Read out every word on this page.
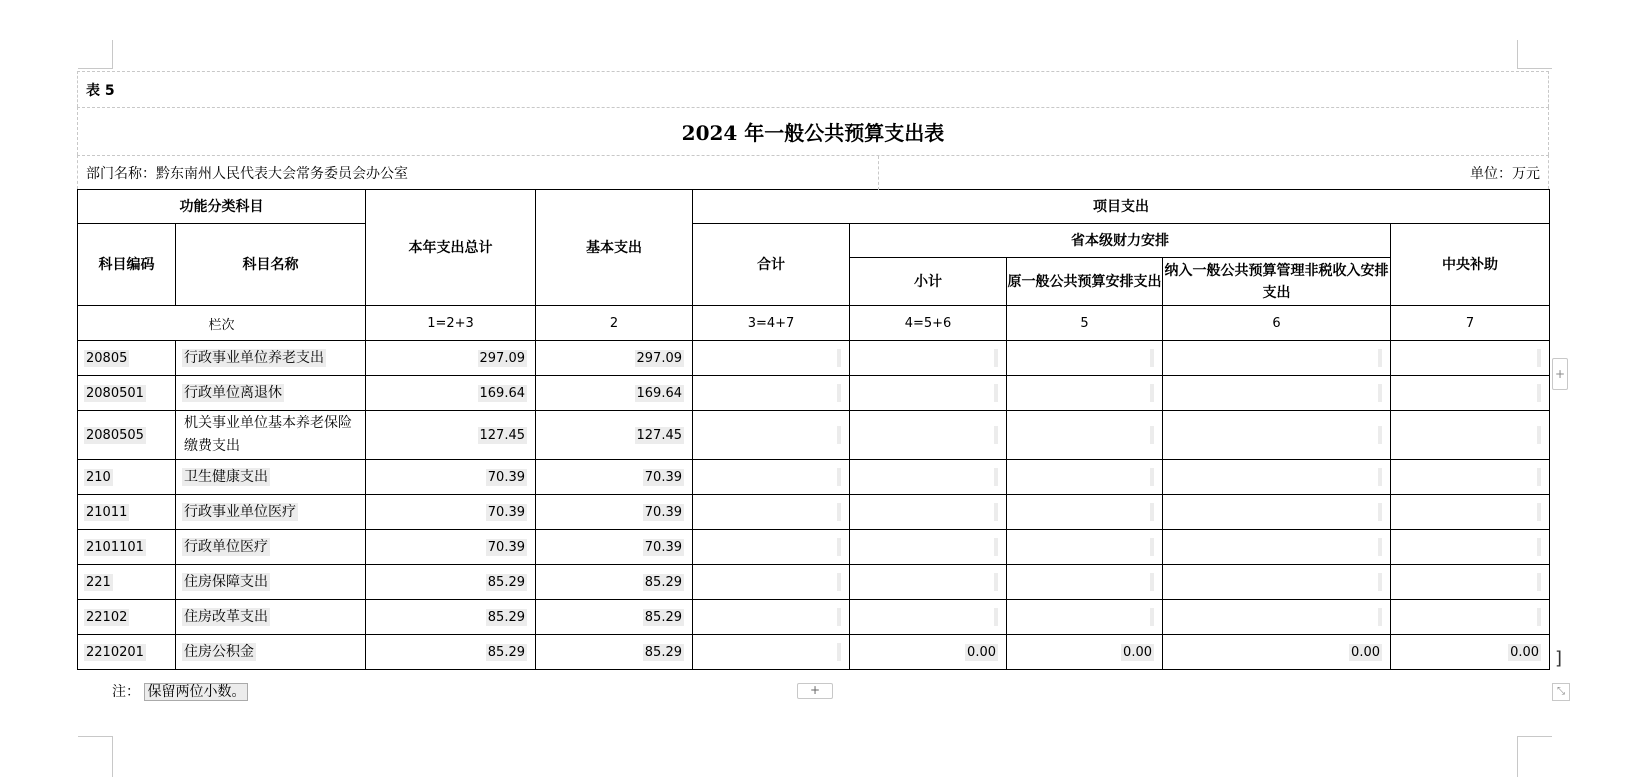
表 5
2024 年一般公共预算支出表
部门名称：黔东南州人民代表大会常务委员会办公室	单位：万元
功能分类科目		本年支出总计	基本支出	项目支出				
科目编码	科目名称			合计	省本级财力安排			中央补助
					小计	原一般公共预算安排支出	纳入一般公共预算管理非税收入安排支出	
栏次		1=2+3	2	3=4+7	4=5+6	5	6	7
20805	行政事业单位养老支出	297.09	297.09					
2080501	行政单位离退休	169.64	169.64					
2080505	机关事业单位基本养老保险缴费支出	127.45	127.45					
210	卫生健康支出	70.39	70.39					
21011	行政事业单位医疗	70.39	70.39					
2101101	行政单位医疗	70.39	70.39					
221	住房保障支出	85.29	85.29					
22102	住房改革支出	85.29	85.29					
2210201	住房公积金	85.29	85.29		0.00	0.00	0.00	0.00
+
+	⤡
]
注： 保留两位小数。
